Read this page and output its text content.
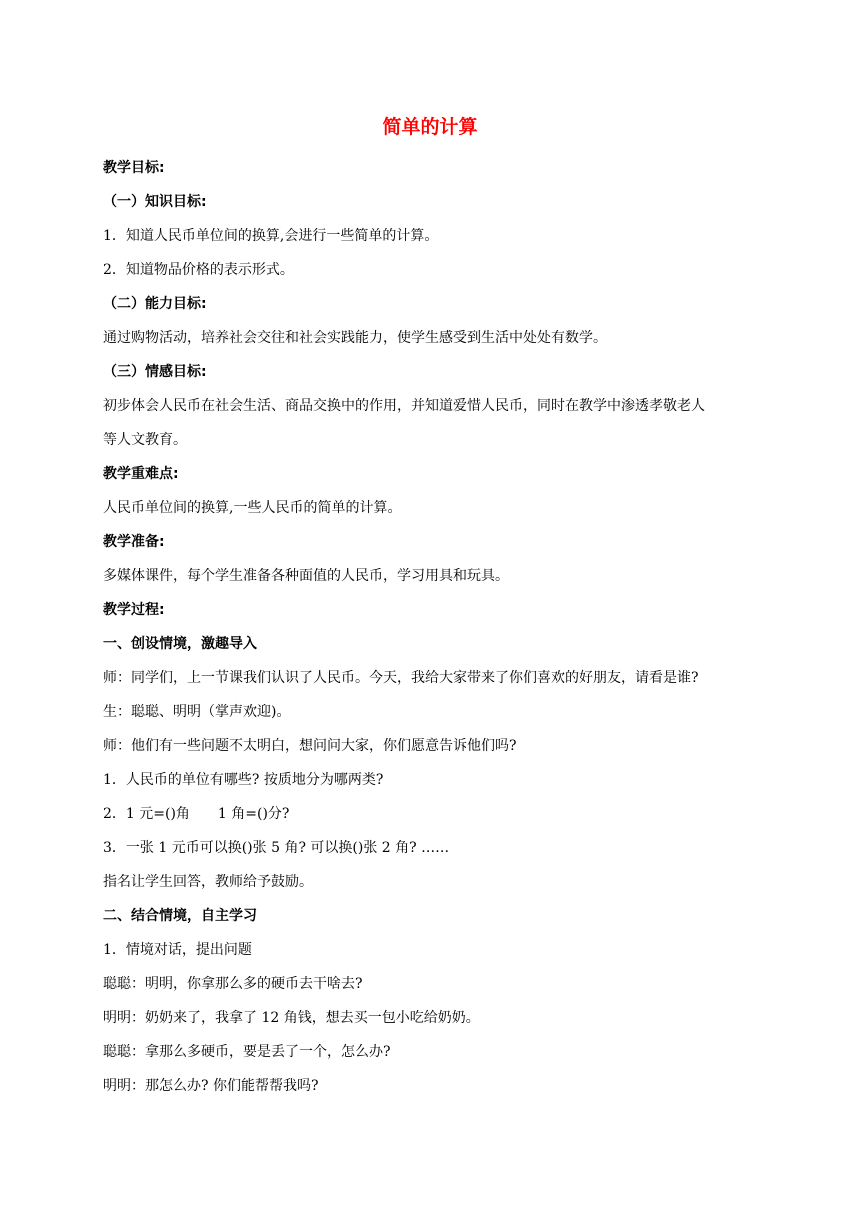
简单的计算
教学目标:
（一）知识目标:
1．知道人民币单位间的换算,会进行一些简单的计算。
2．知道物品价格的表示形式。
（二）能力目标:
通过购物活动，培养社会交往和社会实践能力，使学生感受到生活中处处有数学。
（三）情感目标:
初步体会人民币在社会生活、商品交换中的作用，并知道爱惜人民币，同时在教学中渗透孝敬老人
等人文教育。
教学重难点:
人民币单位间的换算,一些人民币的简单的计算。
教学准备:
多媒体课件，每个学生准备各种面值的人民币，学习用具和玩具。
教学过程:
一、创设情境，激趣导入
师：同学们，上一节课我们认识了人民币。今天，我给大家带来了你们喜欢的好朋友，请看是谁?
生：聪聪、明明（掌声欢迎)。
师：他们有一些问题不太明白，想问问大家，你们愿意告诉他们吗?
1．人民币的单位有哪些? 按质地分为哪两类?
2．1 元=()角　　1 角=()分?
3．一张 1 元币可以换()张 5 角? 可以换()张 2 角? ……
指名让学生回答，教师给予鼓励。
二、结合情境，自主学习
1．情境对话，提出问题
聪聪：明明，你拿那么多的硬币去干啥去?
明明：奶奶来了，我拿了 12 角钱，想去买一包小吃给奶奶。
聪聪：拿那么多硬币，要是丢了一个，怎么办?
明明：那怎么办? 你们能帮帮我吗?
